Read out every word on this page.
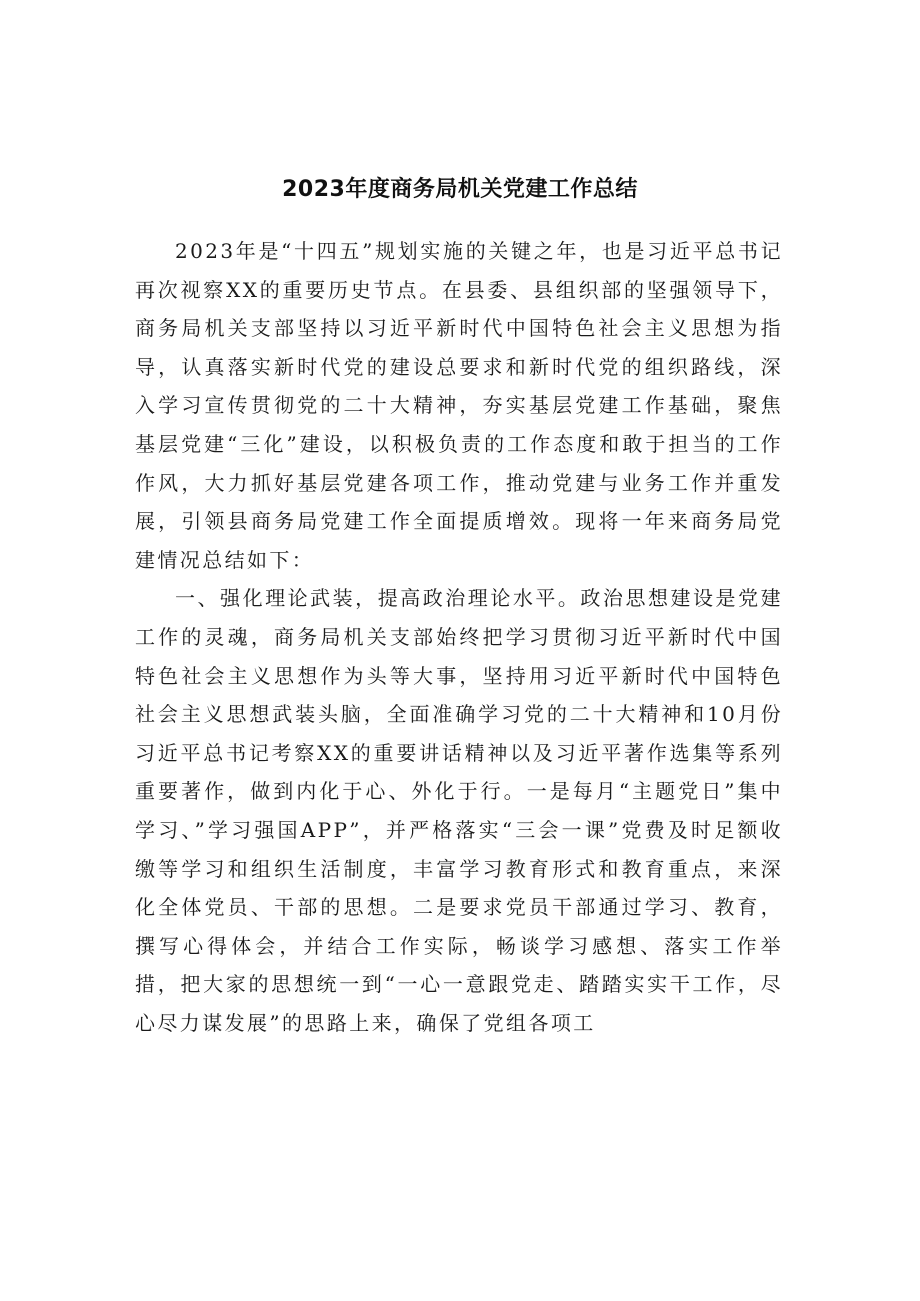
2023年度商务局机关党建工作总结

2023年是“十四五”规划实施的关键之年，也是习近平总书记再次视察XX的重要历史节点。在县委、县组织部的坚强领导下，商务局机关支部坚持以习近平新时代中国特色社会主义思想为指导，认真落实新时代党的建设总要求和新时代党的组织路线，深入学习宣传贯彻党的二十大精神，夯实基层党建工作基础，聚焦基层党建“三化”建设，以积极负责的工作态度和敢于担当的工作作风，大力抓好基层党建各项工作，推动党建与业务工作并重发展，引领县商务局党建工作全面提质增效。现将一年来商务局党建情况总结如下：

一、强化理论武装，提高政治理论水平。政治思想建设是党建工作的灵魂，商务局机关支部始终把学习贯彻习近平新时代中国特色社会主义思想作为头等大事，坚持用习近平新时代中国特色社会主义思想武装头脑，全面准确学习党的二十大精神和10月份习近平总书记考察XX的重要讲话精神以及习近平著作选集等系列重要著作，做到内化于心、外化于行。一是每月“主题党日”集中学习、”学习强国APP”，并严格落实“三会一课”党费及时足额收缴等学习和组织生活制度，丰富学习教育形式和教育重点，来深化全体党员、干部的思想。二是要求党员干部通过学习、教育，撰写心得体会，并结合工作实际，畅谈学习感想、落实工作举措，把大家的思想统一到“一心一意跟党走、踏踏实实干工作，尽心尽力谋发展”的思路上来，确保了党组各项工
